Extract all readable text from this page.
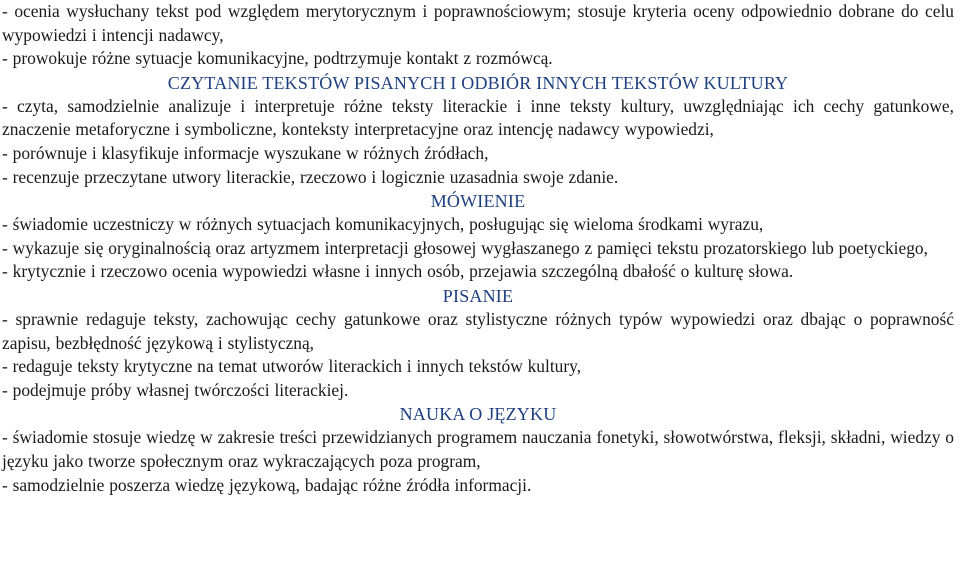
- ocenia wysłuchany tekst pod względem merytorycznym i poprawnościowym; stosuje kryteria oceny odpowiednio dobrane do celu wypowiedzi i intencji nadawcy,

- prowokuje różne sytuacje komunikacyjne, podtrzymuje kontakt z rozmówcą.

CZYTANIE TEKSTÓW PISANYCH I ODBIÓR INNYCH TEKSTÓW KULTURY

- czyta, samodzielnie analizuje i interpretuje różne teksty literackie i inne teksty kultury, uwzględniając ich cechy gatunkowe, znaczenie metaforyczne i symboliczne, konteksty interpretacyjne oraz intencję nadawcy wypowiedzi,

- porównuje i klasyfikuje informacje wyszukane w różnych źródłach,

- recenzuje przeczytane utwory literackie, rzeczowo i logicznie uzasadnia swoje zdanie.

MÓWIENIE

- świadomie uczestniczy w różnych sytuacjach komunikacyjnych, posługując się wieloma środkami wyrazu,

- wykazuje się oryginalnością oraz artyzmem interpretacji głosowej wygłaszanego z pamięci tekstu prozatorskiego lub poetyckiego,

- krytycznie i rzeczowo ocenia wypowiedzi własne i innych osób, przejawia szczególną dbałość o kulturę słowa.

PISANIE

- sprawnie redaguje teksty, zachowując cechy gatunkowe oraz stylistyczne różnych typów wypowiedzi oraz dbając o poprawność zapisu, bezbłędność językową i stylistyczną,

- redaguje teksty krytyczne na temat utworów literackich i innych tekstów kultury,

- podejmuje próby własnej twórczości literackiej.

NAUKA O JĘZYKU

- świadomie stosuje wiedzę w zakresie treści przewidzianych programem nauczania fonetyki, słowotwórstwa, fleksji, składni, wiedzy o języku jako tworze społecznym oraz wykraczających poza program,

- samodzielnie poszerza wiedzę językową, badając różne źródła informacji.
